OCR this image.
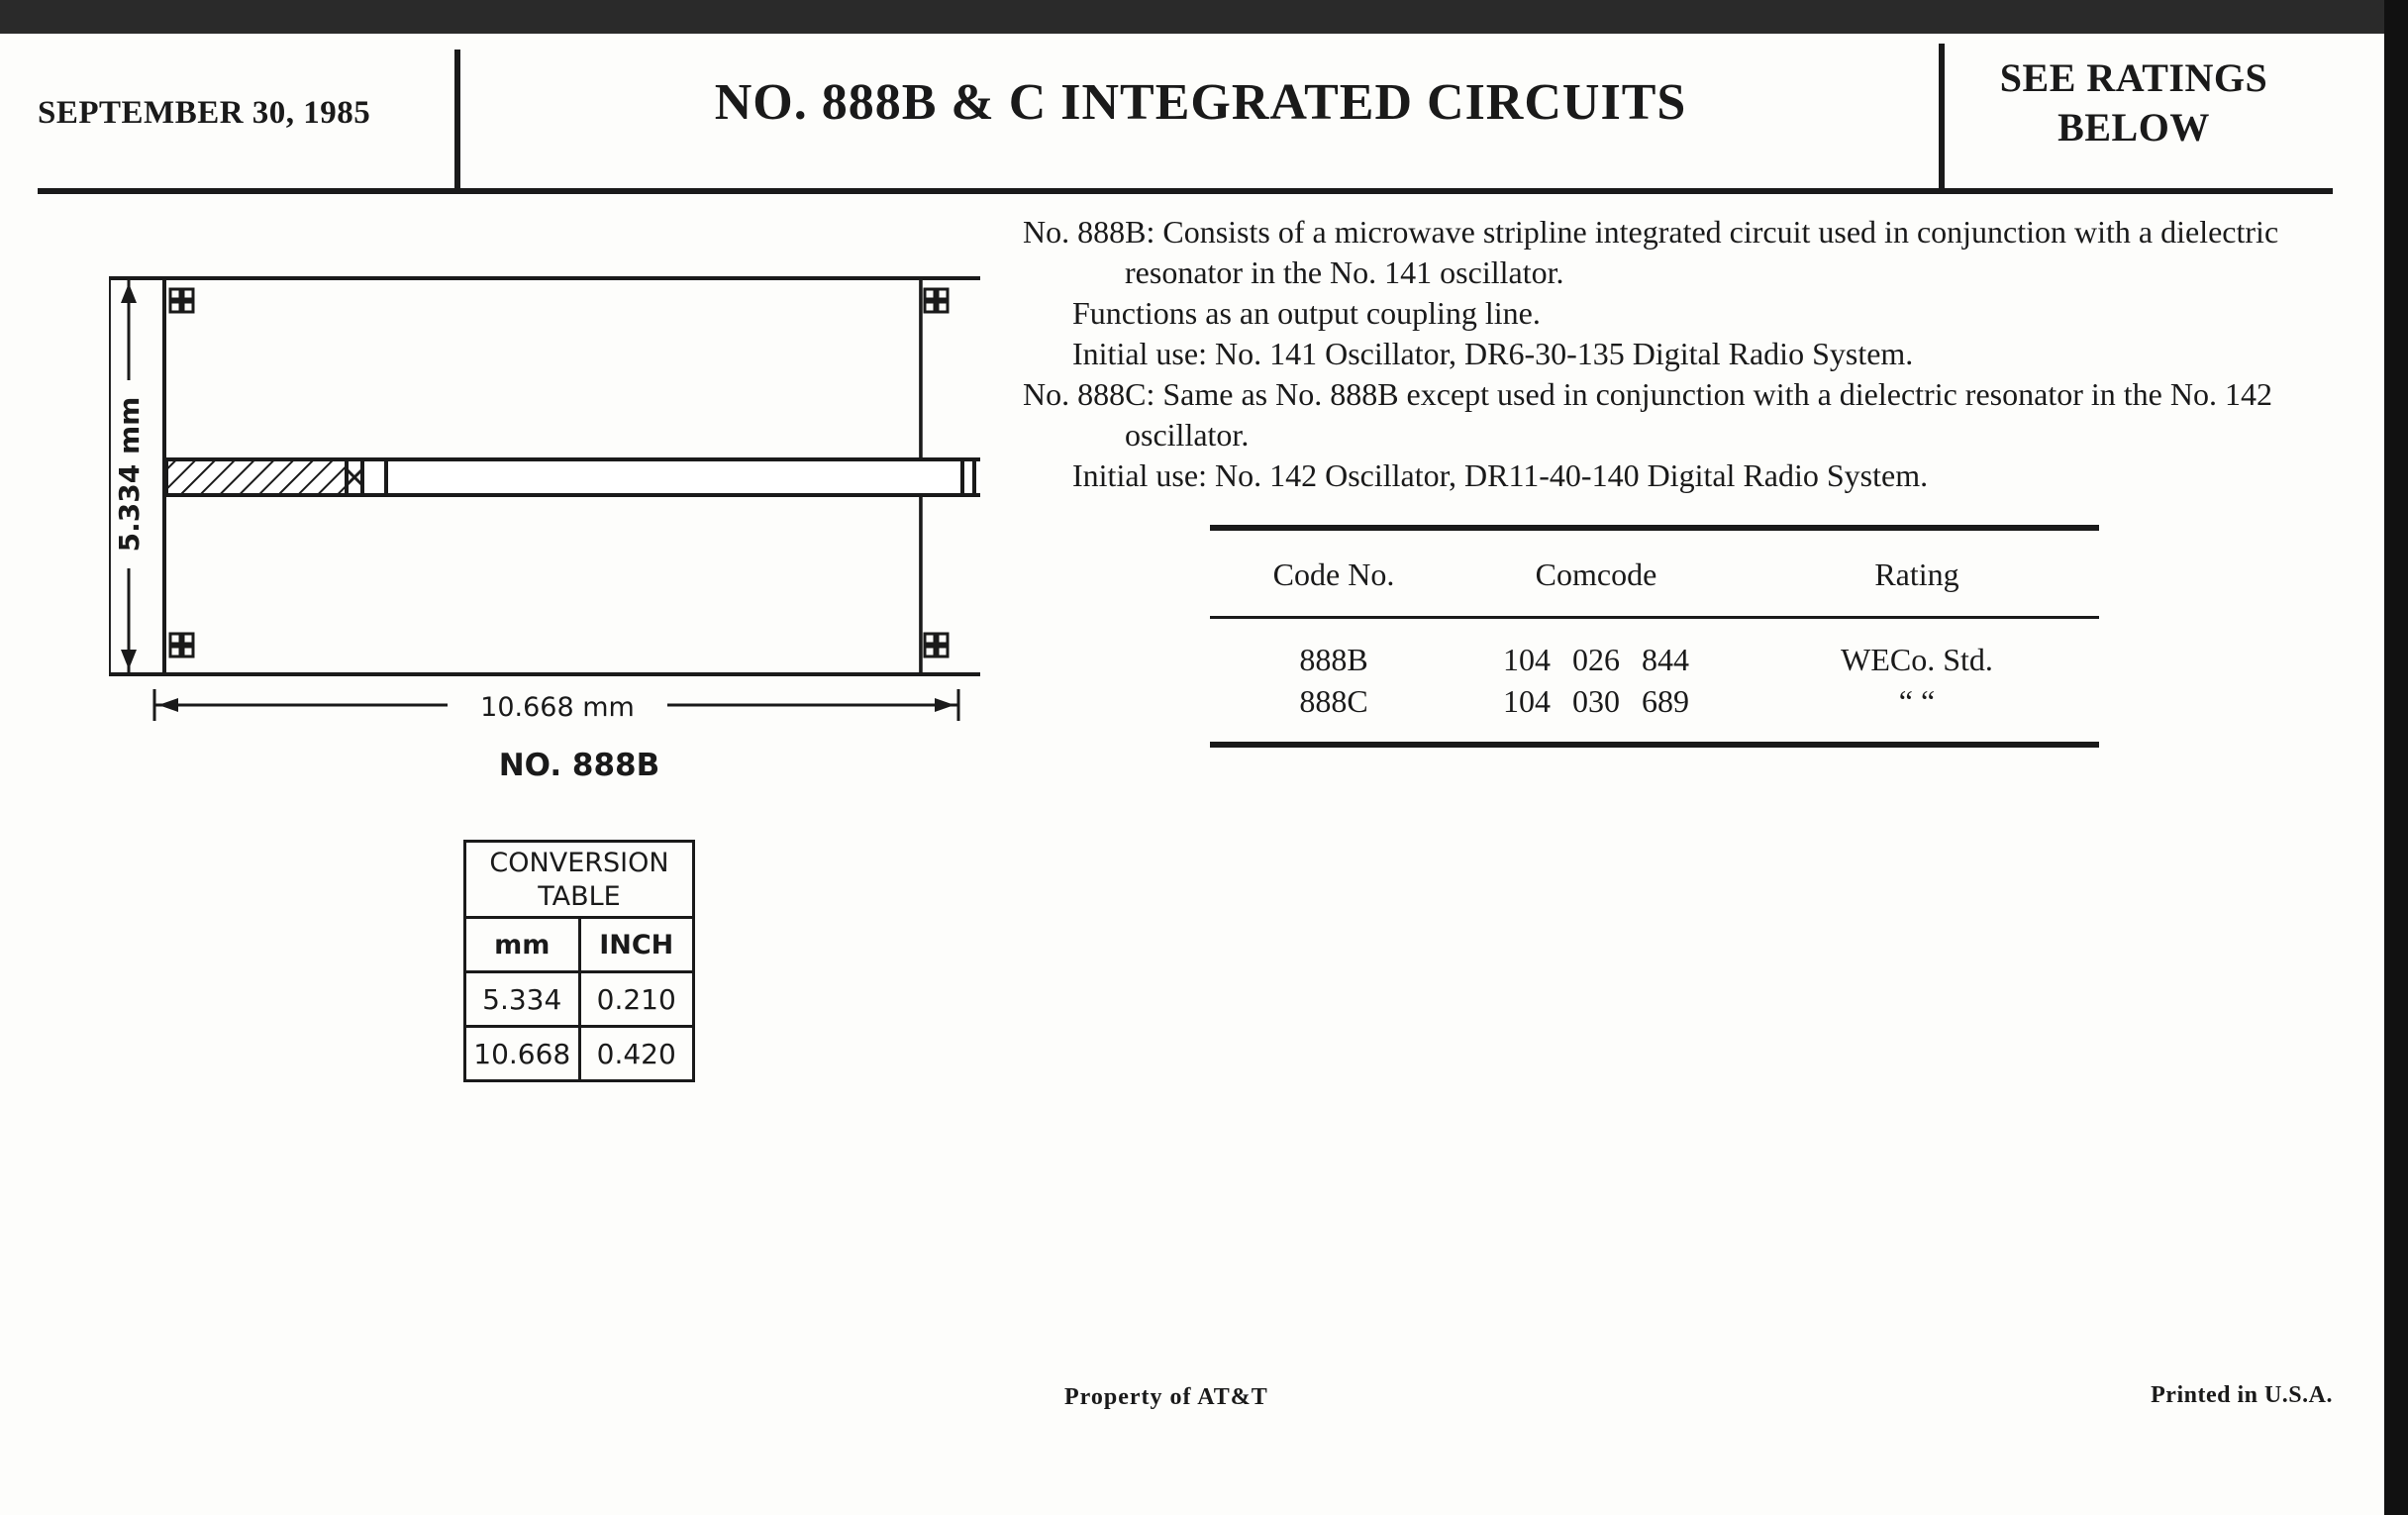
SEPTEMBER 30, 1985	NO. 888B & C INTEGRATED CIRCUITS	SEE RATINGS
BELOW
5.334 mm
10.668 mm
NO. 888B

No. 888B: Consists of a microwave stripline integrated circuit used in conjunction with a dielectric resonator in the No. 141 oscillator.

Functions as an output coupling line.

Initial use: No. 141 Oscillator, DR6-30-135 Digital Radio System.

No. 888C: Same as No. 888B except used in conjunction with a dielectric resonator in the No. 142 oscillator.

Initial use: No. 142 Oscillator, DR11-40-140 Digital Radio System.

Code No.	Comcode	Rating
888B	104 026 844	WECo. Std.
888C	104 030 689	“ “
CONVERSION TABLE
mm	INCH
5.334	0.210
10.668 0.420
Property of AT&T	Printed in U.S.A.
